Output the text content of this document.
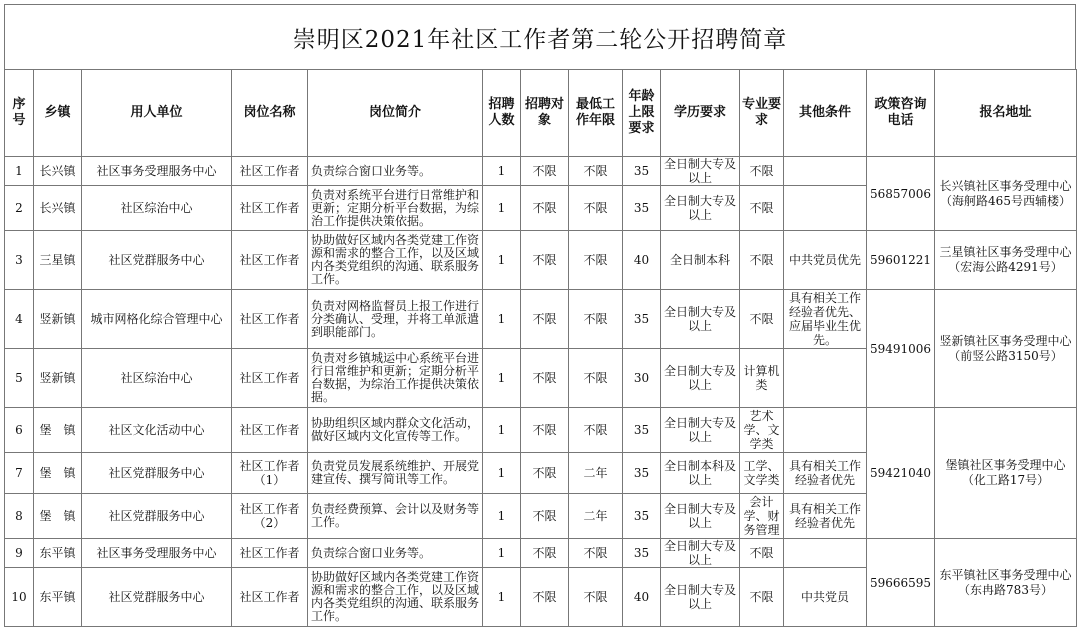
崇明区2021年社区工作者第二轮公开招聘简章
序号	乡镇	用人单位	岗位名称	岗位简介	招聘人数	招聘对象	最低工作年限	年龄上限要求	学历要求	专业要求	其他条件	政策咨询电话	报名地址
1	长兴镇	社区事务受理服务中心	社区工作者	负责综合窗口业务等。	1	不限	不限	35	全日制大专及以上	不限		56857006	长兴镇社区事务受理中心（海舸路465号西辅楼）
2	长兴镇	社区综治中心	社区工作者	负责对系统平台进行日常维护和更新；定期分析平台数据，为综治工作提供决策依据。	1	不限	不限	35	全日制大专及以上	不限			
3	三星镇	社区党群服务中心	社区工作者	协助做好区域内各类党建工作资源和需求的整合工作，以及区域内各类党组织的沟通、联系服务工作。	1	不限	不限	40	全日制本科	不限	中共党员优先	59601221	三星镇社区事务受理中心（宏海公路4291号）
4	竖新镇	城市网格化综合管理中心	社区工作者	负责对网格监督员上报工作进行分类确认、受理，并将工单派遣到职能部门。	1	不限	不限	35	全日制大专及以上	不限	具有相关工作经验者优先、应届毕业生优先。	59491006	竖新镇社区事务受理中心（前竖公路3150号）
5	竖新镇	社区综治中心	社区工作者	负责对乡镇城运中心系统平台进行日常维护和更新；定期分析平台数据，为综治工作提供决策依据。	1	不限	不限	30	全日制大专及以上	计算机类			
6	堡　镇	社区文化活动中心	社区工作者	协助组织区域内群众文化活动，做好区域内文化宣传等工作。	1	不限	不限	35	全日制大专及以上	艺术学、文学类		59421040	堡镇社区事务受理中心（化工路17号）
7	堡　镇	社区党群服务中心	社区工作者（1）	负责党员发展系统维护、开展党建宣传、撰写简讯等工作。	1	不限	二年	35	全日制本科及以上	工学、文学类	具有相关工作经验者优先		
8	堡　镇	社区党群服务中心	社区工作者（2）	负责经费预算、会计以及财务等工作。	1	不限	二年	35	全日制大专及以上	会计学、财务管理	具有相关工作经验者优先		
9	东平镇	社区事务受理服务中心	社区工作者	负责综合窗口业务等。	1	不限	不限	35	全日制大专及以上	不限		59666595	东平镇社区事务受理中心（东冉路783号）
10	东平镇	社区党群服务中心	社区工作者	协助做好区域内各类党建工作资源和需求的整合工作，以及区域内各类党组织的沟通、联系服务工作。	1	不限	不限	40	全日制大专及以上	不限	中共党员		
